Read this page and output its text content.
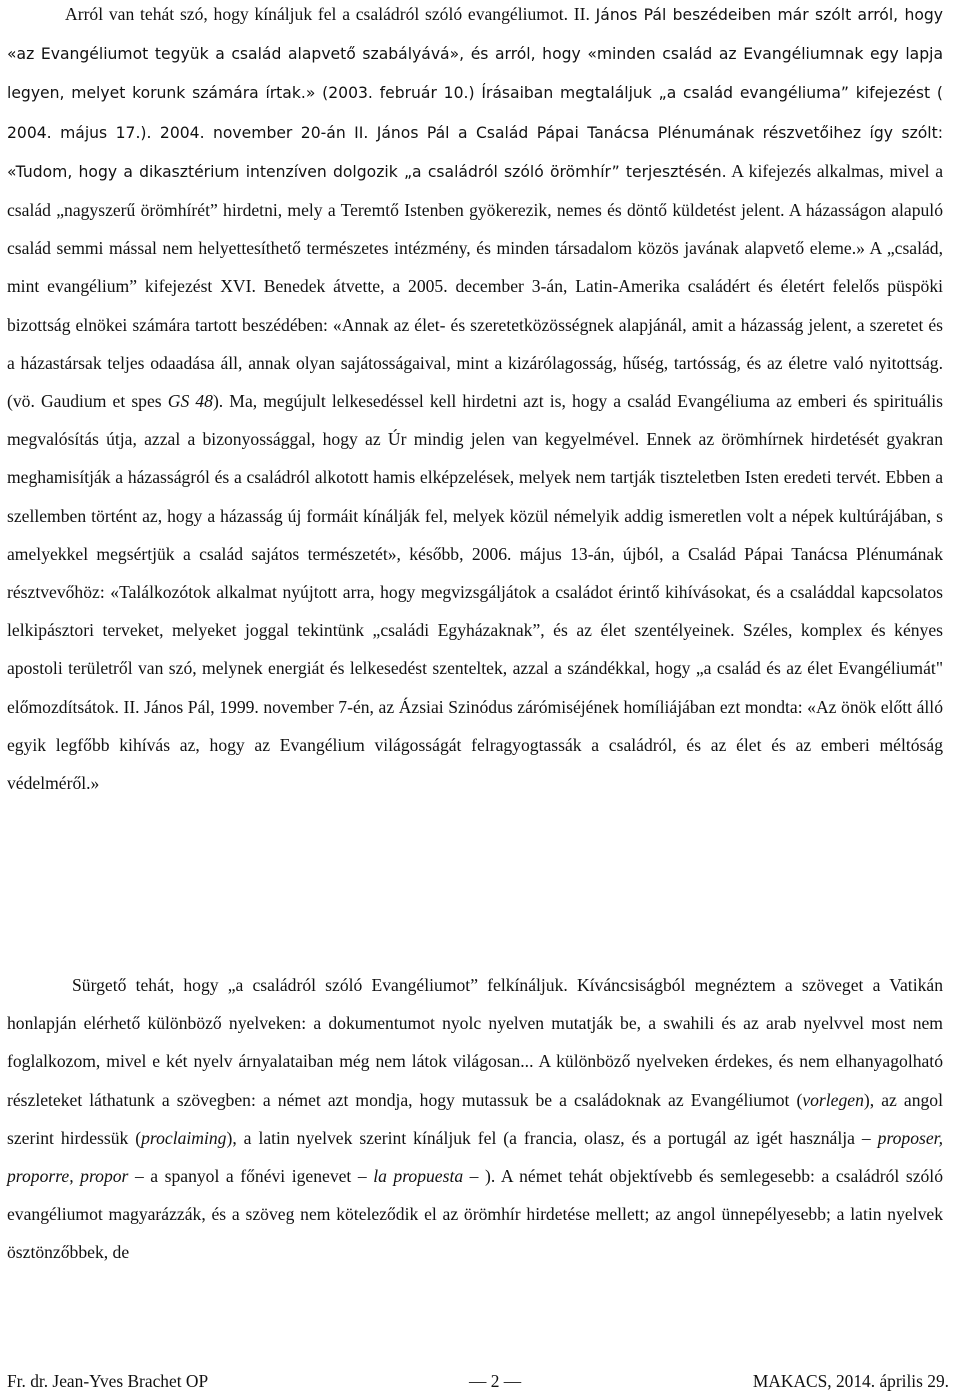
Arról van tehát szó, hogy kínáljuk fel a családról szóló evangéliumot. II. János Pál beszédeiben már szólt arról, hogy «az Evangéliumot tegyük a család alapvető szabályává», és arról, hogy «minden család az Evangéliumnak egy lapja legyen, melyet korunk számára írtak.» (2003. február 10.) Írásaiban megtaláljuk „a család evangéliuma” kifejezést ( 2004. május 17.). 2004. november 20-án II. János Pál a Család Pápai Tanácsa Plénumának részvetőihez így szólt: «Tudom, hogy a dikasztérium intenzíven dolgozik „a családról szóló örömhír” terjesztésén. A kifejezés alkalmas, mivel a család „nagyszerű örömhírét” hirdetni, mely a Teremtő Istenben gyökerezik, nemes és döntő küldetést jelent. A házasságon alapuló család semmi mással nem helyettesíthető természetes intézmény, és minden társadalom közös javának alapvető eleme.» A „család, mint evangélium” kifejezést XVI. Benedek átvette, a 2005. december 3-án, Latin-Amerika családért és életért felelős püspöki bizottság elnökei számára tartott beszédében: «Annak az élet- és szeretetközösségnek alapjánál, amit a házasság jelent, a szeretet és a házastársak teljes odaadása áll, annak olyan sajátosságaival, mint a kizárólagosság, hűség, tartósság, és az életre való nyitottság. (vö. Gaudium et spes GS 48). Ma, megújult lelkesedéssel kell hirdetni azt is, hogy a család Evangéliuma az emberi és spirituális megvalósítás útja, azzal a bizonyossággal, hogy az Úr mindig jelen van kegyelmével. Ennek az örömhírnek hirdetését gyakran meghamisítják a házasságról és a családról alkotott hamis elképzelések, melyek nem tartják tiszteletben Isten eredeti tervét. Ebben a szellemben történt az, hogy a házasság új formáit kínálják fel, melyek közül némelyik addig ismeretlen volt a népek kultúrájában, s amelyekkel megsértjük a család sajátos természetét», később, 2006. május 13-án, újból, a Család Pápai Tanácsa Plénumának résztvevőhöz: «Találkozótok alkalmat nyújtott arra, hogy megvizsgáljátok a családot érintő kihívásokat, és a családdal kapcsolatos lelkipásztori terveket, melyeket joggal tekintünk „családi Egyházaknak”, és az élet szentélyeinek. Széles, komplex és kényes apostoli területről van szó, melynek energiát és lelkesedést szenteltek, azzal a szándékkal, hogy „a család és az élet Evangéliumát" előmozdítsátok. II. János Pál, 1999. november 7-én, az Ázsiai Szinódus zárómiséjének homíliájában ezt mondta: «Az önök előtt álló egyik legfőbb kihívás az, hogy az Evangélium világosságát felragyogtassák a családról, és az élet és az emberi méltóság védelméről.»

Sürgető tehát, hogy „a családról szóló Evangéliumot” felkínáljuk. Kíváncsiságból megnéztem a szöveget a Vatikán honlapján elérhető különböző nyelveken: a dokumentumot nyolc nyelven mutatják be, a swahili és az arab nyelvvel most nem foglalkozom, mivel e két nyelv árnyalataiban még nem látok világosan... A különböző nyelveken érdekes, és nem elhanyagolható részleteket láthatunk a szövegben: a német azt mondja, hogy mutassuk be a családoknak az Evangéliumot (vorlegen), az angol szerint hirdessük (proclaiming), a latin nyelvek szerint kínáljuk fel (a francia, olasz, és a portugál az igét használja – proposer, proporre, propor – a spanyol a főnévi igenevet – la propuesta – ). A német tehát objektívebb és semlegesebb: a családról szóló evangéliumot magyarázzák, és a szöveg nem köteleződik el az örömhír hirdetése mellett; az angol ünnepélyesebb; a latin nyelvek ösztönzőbbek, de

Fr. dr. Jean-Yves Brachet OP	— 2 —	MAKACS, 2014. április 29.
